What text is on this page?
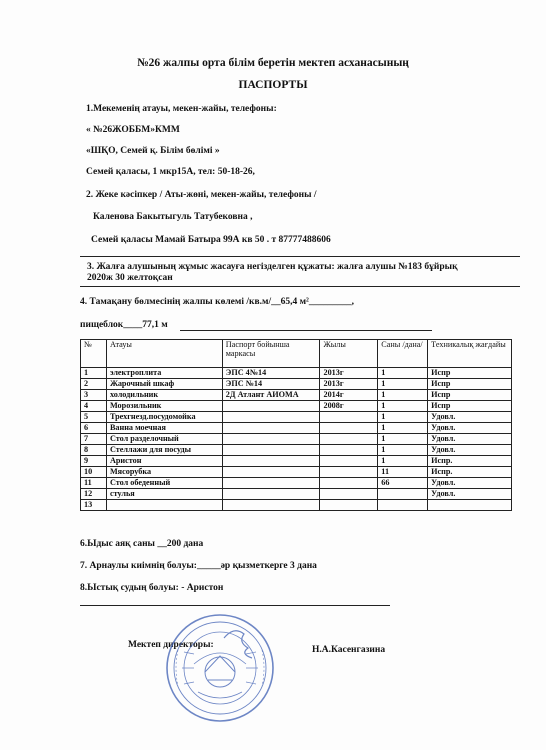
№26 жалпы орта білім беретін мектеп асханасының
ПАСПОРТЫ
1.Мекеменің атауы, мекен-жайы, телефоны:
« №26ЖОББМ»КММ
«ШҚО, Семей қ. Білім бөлімі »
Семей қаласы, 1 мкр15А, тел: 50-18-26,
2. Жеке кәсіпкер / Аты-жөні, мекен-жайы, телефоны /
Каленова Бакытыгуль Татубековна ,
Семей қаласы Мамай Батыра 99А кв 50 . т 87777488606
3. Жалға алушының жұмыс жасауға негізделген құжаты: жалға алушы №183 бұйрық
2020ж 30 желтоқсан
4. Тамақану бөлмесінің жалпы көлемі /кв.м/__65,4 м²_________,
пищеблок____77,1 м
№	Атауы	Паспорт бойынша маркасы	Жылы	Саны /дана/	Техникалық жағдайы
1	электроплита	ЭПС 4№14	2013г	1	Испр
2	Жарочный шкаф	ЭПС №14	2013г	1	Испр
3	холодильник	2Д Атлант АИОМА	2014г	1	Испр
4	Морозильник		2008г	1	Испр
5	Трехгнезд.посудомойка			1	Удовл.
6	Ванна моечная			1	Удовл.
7	Стол разделочный			1	Удовл.
8	Стеллажи для посуды			1	Удовл.
9	Аристон			1	Испр.
10	Мясорубка			11	Испр.
11	Стол обеденный			66	Удовл.
12	стулья				Удовл.
13					
6.Ыдыс аяқ саны __200 дана
7. Арнаулы киімнің болуы:_____әр қызметкерге 3 дана
8.Ыстық судың болуы: - Аристон
Мектеп директоры:	Н.А.Касенгазина
